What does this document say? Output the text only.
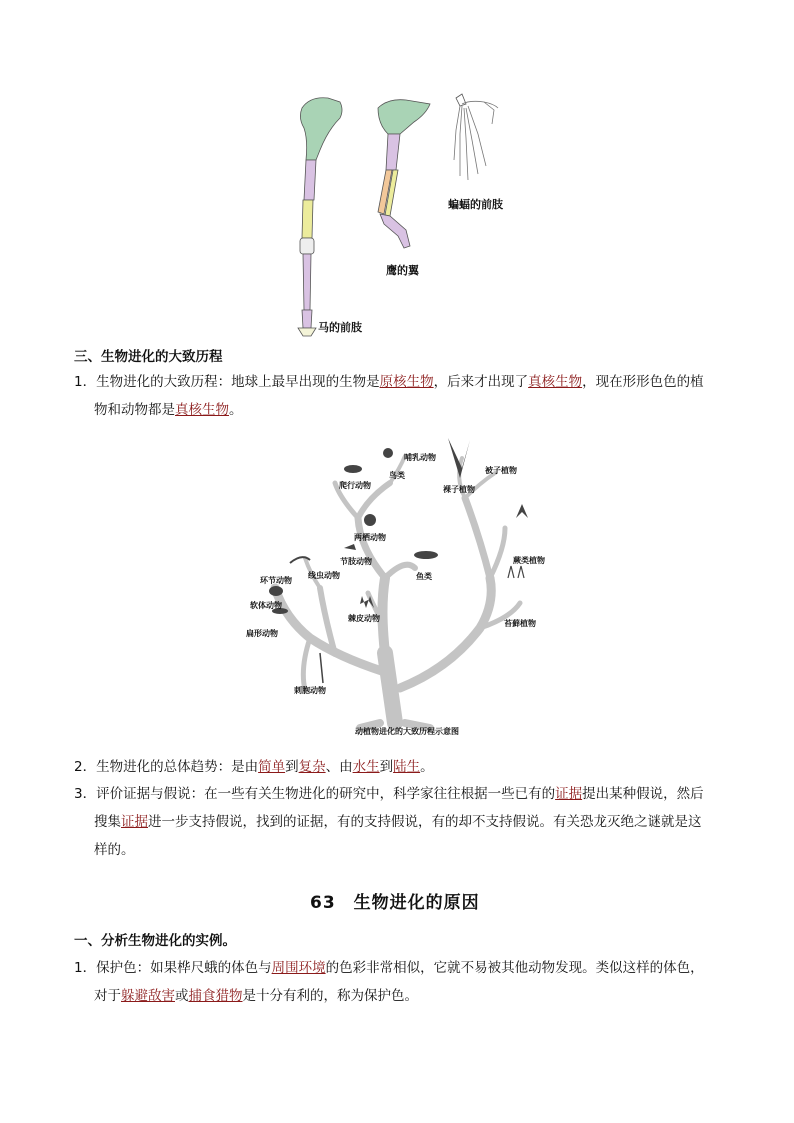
蝙蝠的前肢
鹰的翼
马的前肢
三、生物进化的大致历程
1．生物进化的大致历程：地球上最早出现的生物是原核生物，后来才出现了真核生物，现在形形色色的植
物和动物都是真核生物。
哺乳动物
鸟类
爬行动物
被子植物
裸子植物
两栖动物
节肢动物
线虫动物
环节动物	鱼类
蕨类植物
软体动物
扁形动物
棘皮动物
苔藓植物
刺胞动物
动植物进化的大致历程示意图
2．生物进化的总体趋势：是由简单到复杂、由水生到陆生。
3．评价证据与假说：在一些有关生物进化的研究中，科学家往往根据一些已有的证据提出某种假说，然后
搜集证据进一步支持假说，找到的证据，有的支持假说，有的却不支持假说。有关恐龙灭绝之谜就是这
样的。
63 生物进化的原因
一、分析生物进化的实例。
1．保护色：如果桦尺蛾的体色与周围环境的色彩非常相似，它就不易被其他动物发现。类似这样的体色，
对于躲避敌害或捕食猎物是十分有利的，称为保护色。
